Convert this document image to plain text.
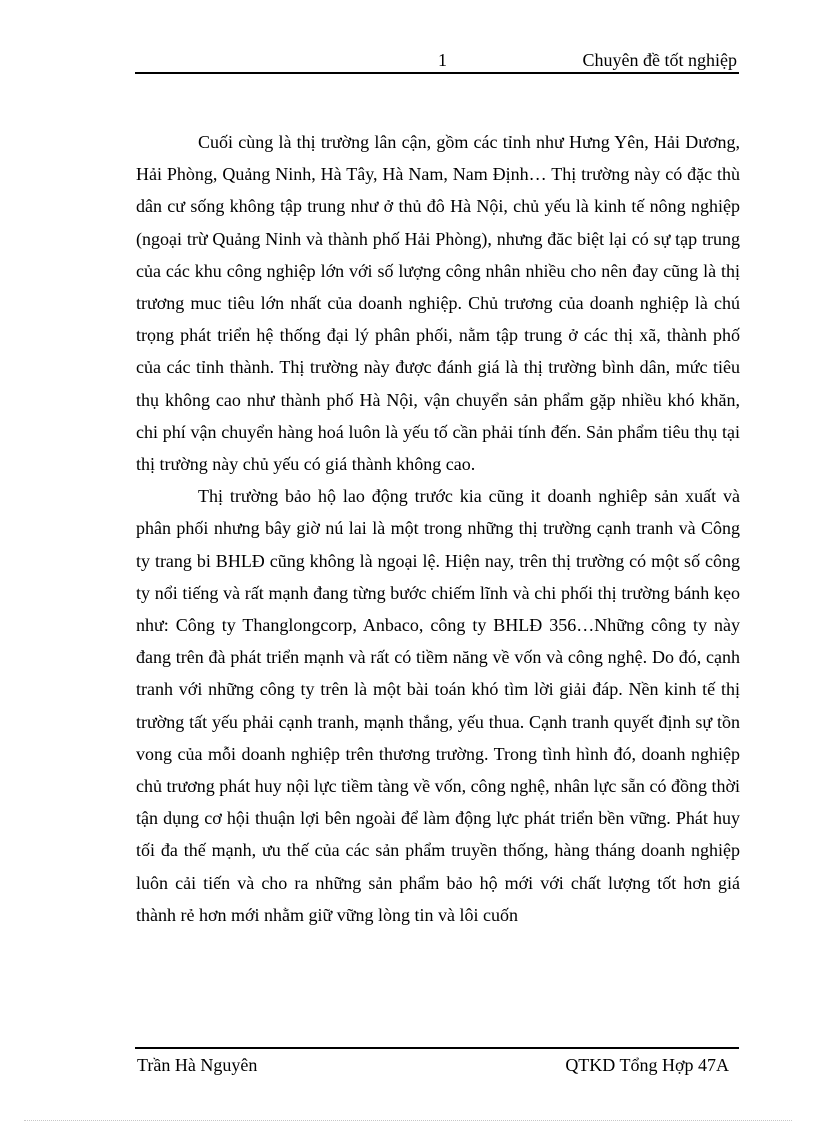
1	Chuyên đề tốt nghiệp

Cuối cùng là thị trường lân cận, gồm các tỉnh như Hưng Yên, Hải Dương, Hải Phòng, Quảng Ninh, Hà Tây, Hà Nam, Nam Định… Thị trường này có đặc thù dân cư sống không tập trung như ở thủ đô Hà Nội, chủ yếu là kinh tế nông nghiệp (ngoại trừ Quảng Ninh và thành phố Hải Phòng), nhưng đăc biệt lại có sự tạp trung của các khu công nghiệp lớn với số lượng công nhân nhiều cho nên đay cũng là thị trương muc tiêu lớn nhất của doanh nghiệp. Chủ trương của doanh nghiệp là chú trọng phát triển hệ thống đại lý phân phối, nằm tập trung ở các thị xã, thành phố của các tỉnh thành. Thị trường này được đánh giá là thị trường bình dân, mức tiêu thụ không cao như thành phố Hà Nội, vận chuyển sản phẩm gặp nhiều khó khăn, chi phí vận chuyển hàng hoá luôn là yếu tố cần phải tính đến. Sản phẩm tiêu thụ tại thị trường này chủ yếu có giá thành không cao.

Thị trường bảo hộ lao động trước kia cũng it doanh nghiêp sản xuất và phân phối nhưng bây giờ nú lai là một trong những thị trường cạnh tranh và Công ty trang bi BHLĐ cũng không là ngoại lệ. Hiện nay, trên thị trường có một số công ty nổi tiếng và rất mạnh đang từng bước chiếm lĩnh và chi phối thị trường bánh kẹo như: Công ty Thanglongcorp, Anbaco, công ty BHLĐ 356…Những công ty này đang trên đà phát triển mạnh và rất có tiềm năng về vốn và công nghệ. Do đó, cạnh tranh với những công ty trên là một bài toán khó tìm lời giải đáp. Nền kinh tế thị trường tất yếu phải cạnh tranh, mạnh thắng, yếu thua. Cạnh tranh quyết định sự tồn vong của mỗi doanh nghiệp trên thương trường. Trong tình hình đó, doanh nghiệp chủ trương phát huy nội lực tiềm tàng về vốn, công nghệ, nhân lực sẵn có đồng thời tận dụng cơ hội thuận lợi bên ngoài để làm động lực phát triển bền vững. Phát huy tối đa thế mạnh, ưu thế của các sản phẩm truyền thống, hàng tháng doanh nghiệp luôn cải tiến và cho ra những sản phẩm bảo hộ mới với chất lượng tốt hơn giá thành rẻ hơn mới nhằm giữ vững lòng tin và lôi cuốn

Trần Hà Nguyên	QTKD Tổng Hợp 47A
